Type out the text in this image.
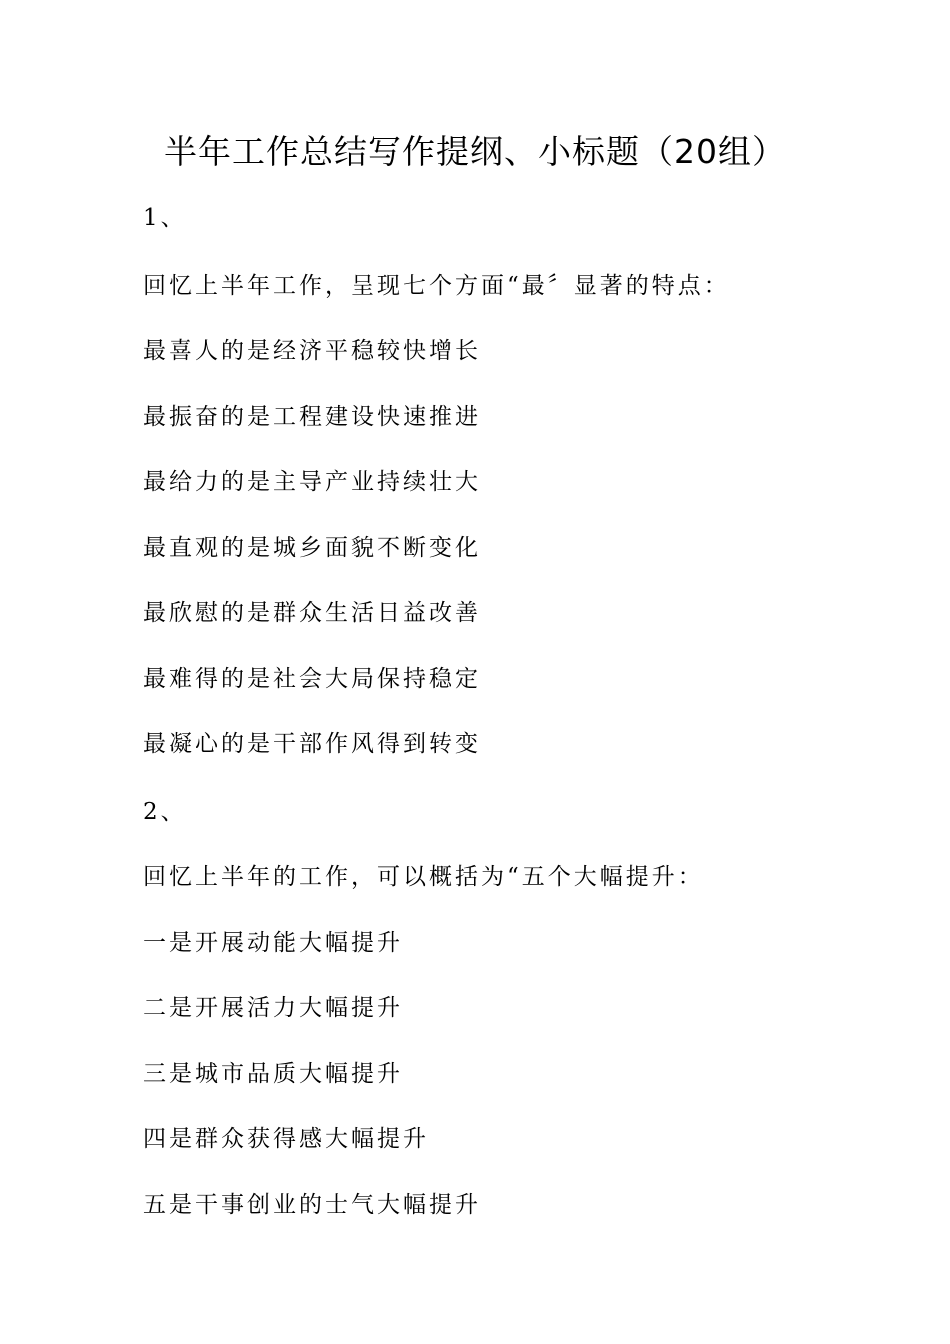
半年工作总结写作提纲、小标题（20组）
1、
回忆上半年工作，呈现七个方面“最〞显著的特点：
最喜人的是经济平稳较快增长
最振奋的是工程建设快速推进
最给力的是主导产业持续壮大
最直观的是城乡面貌不断变化
最欣慰的是群众生活日益改善
最难得的是社会大局保持稳定
最凝心的是干部作风得到转变
2、
回忆上半年的工作，可以概括为“五个大幅提升：
一是开展动能大幅提升
二是开展活力大幅提升
三是城市品质大幅提升
四是群众获得感大幅提升
五是干事创业的士气大幅提升
